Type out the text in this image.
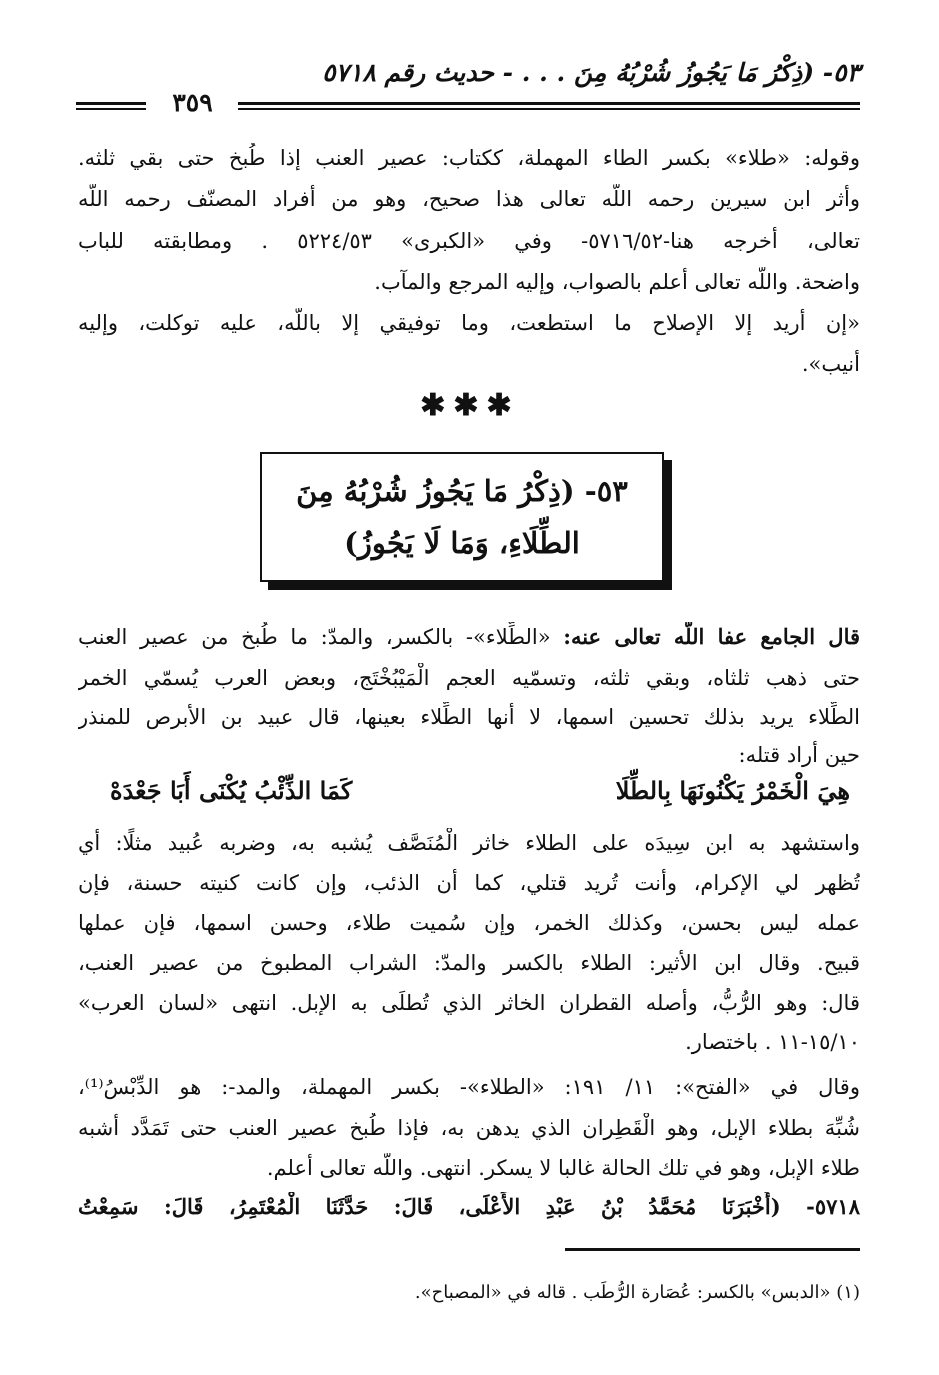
٥٣- (ذِكْرُ مَا يَجُوزُ شُرْبُهُ مِنَ . . . - حديث رقم ٥٧١٨
٣٥٩
وقوله: «طلاء» بكسر الطاء المهملة، ككتاب: عصير العنب إذا طُبخ حتى بقي ثلثه.
وأثر ابن سيرين رحمه اللَّه تعالى هذا صحيح، وهو من أفراد المصنّف رحمه اللَّه
تعالى، أخرجه هنا-٥٧١٦/٥٢- وفي «الكبرى» ٥٢٢٤/٥٣ . ومطابقته للباب
واضحة. واللَّه تعالى أعلم بالصواب، وإليه المرجع والمآب.
«إن أريد إلا الإصلاح ما استطعت، وما توفيقي إلا باللَّه، عليه توكلت، وإليه
أنيب».
✱✱✱
٥٣- (ذِكْرُ مَا يَجُوزُ شُرْبُهُ مِنَ
الطِّلَاءِ، وَمَا لَا يَجُوزُ)
قال الجامع عفا اللَّه تعالى عنه: «الطِّلاء»- بالكسر، والمدّ: ما طُبخ من عصير العنب
حتى ذهب ثلثاه، وبقي ثلثه، وتسمّيه العجم الْمَيْبُخْتَج، وبعض العرب يُسمّي الخمر
الطِّلاء يريد بذلك تحسين اسمها، لا أنها الطِّلاء بعينها، قال عبيد بن الأبرص للمنذر
حين أراد قتله:
هِيَ الْخَمْرُ يَكْنُونَهَا بِالطِّلَا
كَمَا الذِّئْبُ يُكْنَى أَبَا جَعْدَهْ
واستشهد به ابن سِيدَه على الطلاء خاثر الْمُنَصَّف يُشبه به، وضربه عُبيد مثلًا: أي
تُظهر لي الإكرام، وأنت تُريد قتلي، كما أن الذئب، وإن كانت كنيته حسنة، فإن
عمله ليس بحسن، وكذلك الخمر، وإن سُميت طلاء، وحسن اسمها، فإن عملها
قبيح. وقال ابن الأثير: الطلاء بالكسر والمدّ: الشراب المطبوخ من عصير العنب،
قال: وهو الرُّبُّ، وأصله القطران الخاثر الذي تُطلَى به الإبل. انتهى «لسان العرب»
١٥/١٠-١١ . باختصار.
وقال في «الفتح»: ١١/ ١٩١: «الطلاء»- بكسر المهملة، والمد-: هو الدِّبْسُ⁽¹⁾،
شُبِّهَ بطلاء الإبل، وهو الْقَطِران الذي يدهن به، فإذا طُبخ عصير العنب حتى تَمَدَّد أشبه
طلاء الإبل، وهو في تلك الحالة غالبا لا يسكر. انتهى. واللَّه تعالى أعلم.
٥٧١٨- (أَخْبَرَنَا مُحَمَّدُ بْنُ عَبْدِ الأَعْلَى، قَالَ: حَدَّثَنَا الْمُعْتَمِرُ، قَالَ: سَمِعْتُ
(١) «الدبس» بالكسر: عُصَارة الرُّطَب . قاله في «المصباح».
